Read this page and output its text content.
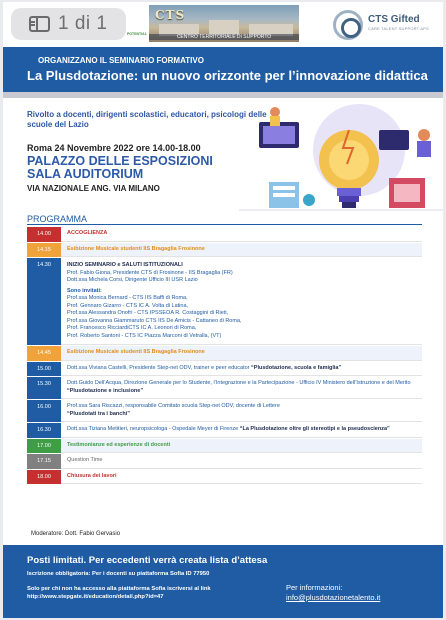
1 di 1	POTENTIAL
CTS
CENTRO TERRITORIALE DI SUPPORTO
CTS Gifted
CARE TALENT SUPPORT APS
ORGANIZZANO IL SEMINARIO FORMATIVO
La Plusdotazione: un nuovo orizzonte per l’innovazione didattica
Rivolto a docenti, dirigenti scolastici, educatori, psicologi delle scuole del Lazio
Roma 24 Novembre 2022 ore 14.00-18.00
PALAZZO DELLE ESPOSIZIONI
SALA AUDITORIUM
VIA NAZIONALE ANG. VIA MILANO
PROGRAMMA
14.00	ACCOGLIENZA
14.15	Esibizione Musicale studenti IIS Bragaglia Frosinone
14.30	INIZIO SEMINARIO e SALUTI ISTITUZIONALI
Prof. Fabio Giona, Presidente CTS di Frosinone - IIS Bragaglia (FR)
Dott.ssa Michela Corsi, Dirigente Ufficio III USR Lazio
Sono invitati:
Prof.ssa Monica Bernard - CTS IIS Baffi di Roma,
Prof. Gennaro Gizarro - CTS IC A. Volta di Latina,
Prof.ssa Alessandra Onofri - CTS IPSSEOA R. Costaggini di Rieti,
Prof.ssa Giovanna Giammaruto CTS IIS De Amicis - Cattaneo di Roma,
Prof. Francesco RicciardiCTS IC A. Leonori di Roma,
Prof. Roberto Santoni - CTS IC Piazza Marconi di Vetralla, (VT)
14.45	Esibizione Musicale studenti IIS Bragaglia Frosinone
15.00	Dott.ssa Viviana Castelli, Presidente Step-net ODV, trainer e peer educator “Plusdotazione, scuola e famiglia”
15.30	Dott.Guido Dell’Acqua, Direzione Generale per lo Studente, l’Integrazione e la Partecipazione - Ufficio IV Ministero dell’Istruzione e del Merito “Plusdotazione e inclusione”
16.00	Prof.ssa Sara Riscazzi, responsabile Comitato scuola Step-net ODV, docente di Lettere
“Plusdotati tra i banchi”
16.30	Dott.ssa Tiziana Metitieri, neuropsicologa - Ospedale Meyer di Firenze “La Plusdotazione oltre gli stereotipi e la pseudoscienza”
17.00	Testimonianze ed esperienze di docenti
17.15	Question Time
18.00	Chiusura dei lavori
Moderatore: Dott. Fabio Gervasio
Posti limitati. Per eccedenti verrà creata lista d’attesa
Iscrizione obbligatoria: Per i docenti su piattaforma Sofia ID 77950
Solo per chi non ha accesso alla piattaforma Sofia iscriversi al link http://www.stepgate.it/education/detail.php?id=47
Per informazioni:
info@plusdotazionetalento.it
